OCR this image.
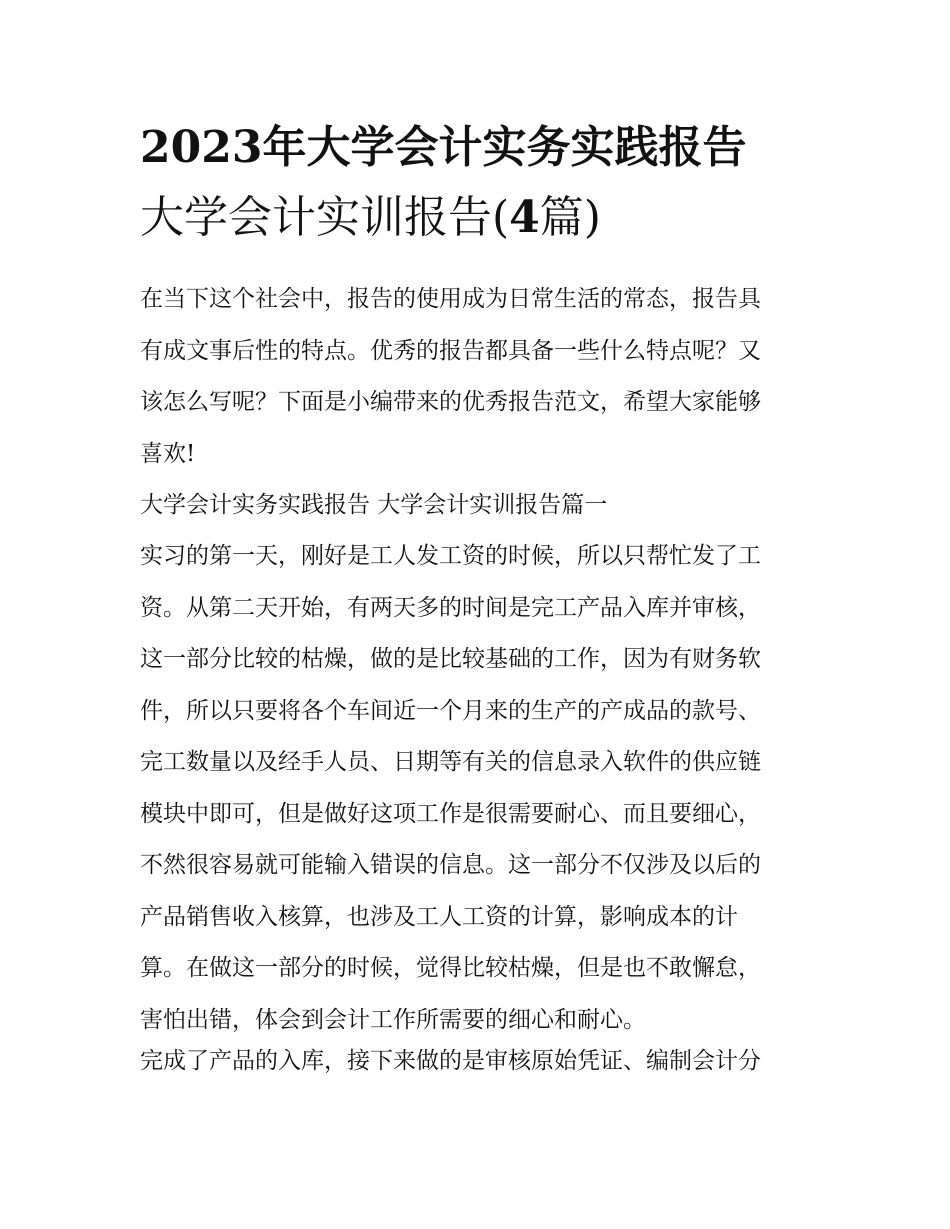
2023年大学会计实务实践报告
大学会计实训报告(4篇)

在当下这个社会中，报告的使用成为日常生活的常态，报告具
有成文事后性的特点。优秀的报告都具备一些什么特点呢？又
该怎么写呢？下面是小编带来的优秀报告范文，希望大家能够
喜欢!

大学会计实务实践报告 大学会计实训报告篇一

实习的第一天，刚好是工人发工资的时候，所以只帮忙发了工
资。从第二天开始，有两天多的时间是完工产品入库并审核，
这一部分比较的枯燥，做的是比较基础的工作，因为有财务软
件，所以只要将各个车间近一个月来的生产的产成品的款号、
完工数量以及经手人员、日期等有关的信息录入软件的供应链
模块中即可，但是做好这项工作是很需要耐心、而且要细心，
不然很容易就可能输入错误的信息。这一部分不仅涉及以后的
产品销售收入核算，也涉及工人工资的计算，影响成本的计
算。在做这一部分的时候，觉得比较枯燥，但是也不敢懈怠，
害怕出错，体会到会计工作所需要的细心和耐心。

完成了产品的入库，接下来做的是审核原始凭证、编制会计分
